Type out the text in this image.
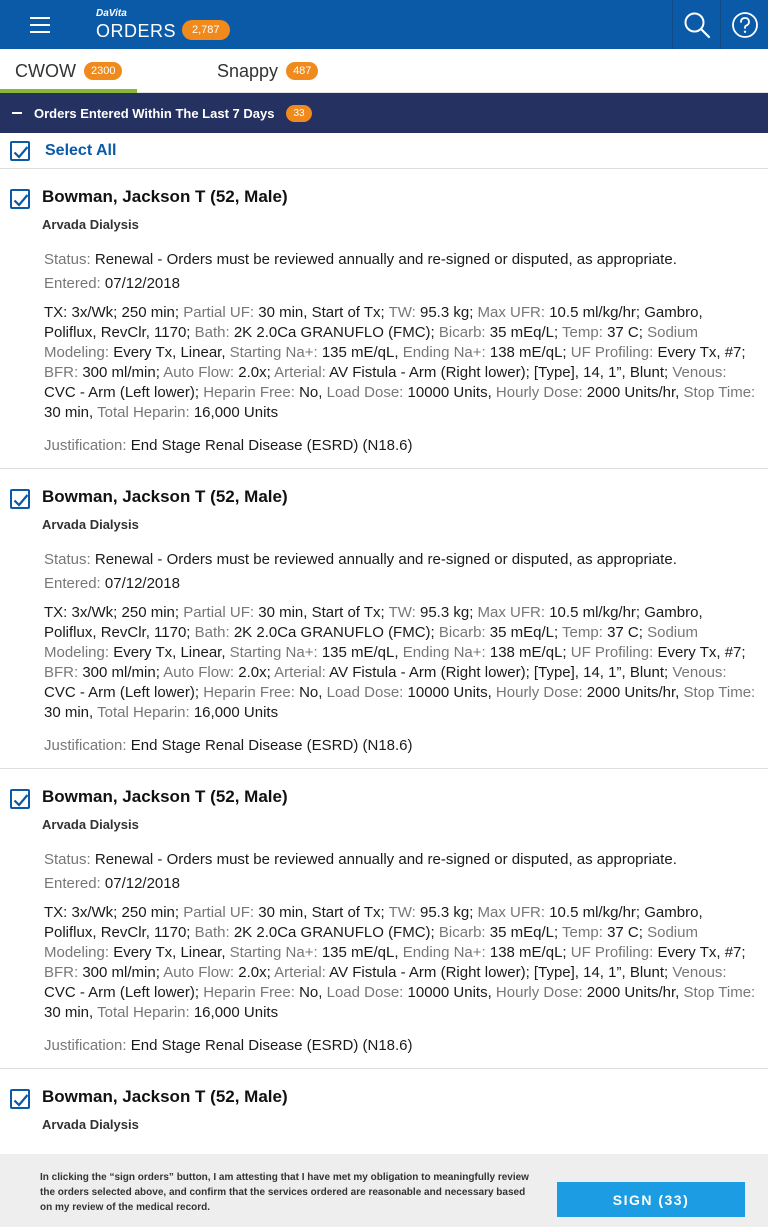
DaVita
ORDERS	2,787
CWOW	2300	Snappy	487
Orders Entered Within The Last 7 Days	33
Select All
Bowman, Jackson T (52, Male)
Arvada Dialysis
Status: Renewal - Orders must be reviewed annually and re-signed or disputed, as appropriate.
Entered: 07/12/2018
TX: 3x/Wk; 250 min; Partial UF: 30 min, Start of Tx; TW: 95.3 kg; Max UFR: 10.5 ml/kg/hr; Gambro, Poliflux, RevClr, 1170; Bath: 2K 2.0Ca GRANUFLO (FMC); Bicarb: 35 mEq/L; Temp: 37 C; Sodium Modeling: Every Tx, Linear, Starting Na+: 135 mE/qL, Ending Na+: 138 mE/qL; UF Profiling: Every Tx, #7; BFR: 300 ml/min; Auto Flow: 2.0x; Arterial: AV Fistula - Arm (Right lower); [Type], 14, 1”, Blunt; Venous: CVC - Arm (Left lower); Heparin Free: No, Load Dose: 10000 Units, Hourly Dose: 2000 Units/hr, Stop Time: 30 min, Total Heparin: 16,000 Units
Justification: End Stage Renal Disease (ESRD) (N18.6)
Bowman, Jackson T (52, Male)
Arvada Dialysis
Status: Renewal - Orders must be reviewed annually and re-signed or disputed, as appropriate.
Entered: 07/12/2018
TX: 3x/Wk; 250 min; Partial UF: 30 min, Start of Tx; TW: 95.3 kg; Max UFR: 10.5 ml/kg/hr; Gambro, Poliflux, RevClr, 1170; Bath: 2K 2.0Ca GRANUFLO (FMC); Bicarb: 35 mEq/L; Temp: 37 C; Sodium Modeling: Every Tx, Linear, Starting Na+: 135 mE/qL, Ending Na+: 138 mE/qL; UF Profiling: Every Tx, #7; BFR: 300 ml/min; Auto Flow: 2.0x; Arterial: AV Fistula - Arm (Right lower); [Type], 14, 1”, Blunt; Venous: CVC - Arm (Left lower); Heparin Free: No, Load Dose: 10000 Units, Hourly Dose: 2000 Units/hr, Stop Time: 30 min, Total Heparin: 16,000 Units
Justification: End Stage Renal Disease (ESRD) (N18.6)
Bowman, Jackson T (52, Male)
Arvada Dialysis
Status: Renewal - Orders must be reviewed annually and re-signed or disputed, as appropriate.
Entered: 07/12/2018
TX: 3x/Wk; 250 min; Partial UF: 30 min, Start of Tx; TW: 95.3 kg; Max UFR: 10.5 ml/kg/hr; Gambro, Poliflux, RevClr, 1170; Bath: 2K 2.0Ca GRANUFLO (FMC); Bicarb: 35 mEq/L; Temp: 37 C; Sodium Modeling: Every Tx, Linear, Starting Na+: 135 mE/qL, Ending Na+: 138 mE/qL; UF Profiling: Every Tx, #7; BFR: 300 ml/min; Auto Flow: 2.0x; Arterial: AV Fistula - Arm (Right lower); [Type], 14, 1”, Blunt; Venous: CVC - Arm (Left lower); Heparin Free: No, Load Dose: 10000 Units, Hourly Dose: 2000 Units/hr, Stop Time: 30 min, Total Heparin: 16,000 Units
Justification: End Stage Renal Disease (ESRD) (N18.6)
Bowman, Jackson T (52, Male)
Arvada Dialysis
In clicking the “sign orders” button, I am attesting that I have met my obligation to meaningfully review the orders selected above, and confirm that the services ordered are reasonable and necessary based on my review of the medical record.	SIGN (33)
